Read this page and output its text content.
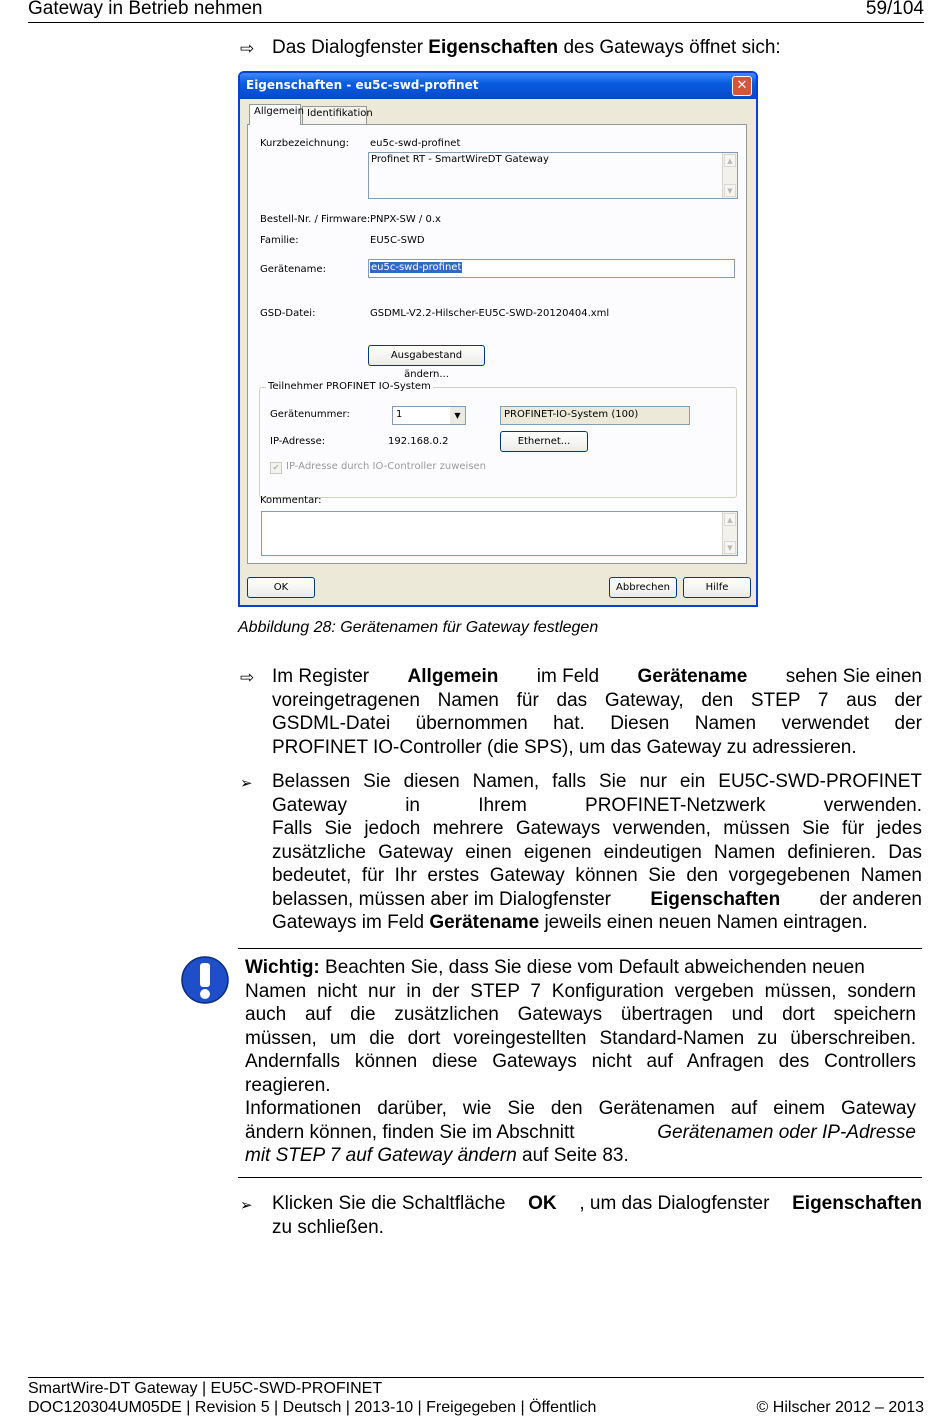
Gateway in Betrieb nehmen	59/104
⇨ Das Dialogfenster Eigenschaften des Gateways öffnet sich:
Eigenschaften - eu5c-swd-profinet	✕
Allgemein Identifikation
Kurzbezeichnung: eu5c-swd-profinet
Profinet RT - SmartWireDT Gateway	▲
▼
Bestell-Nr. / Firmware: PNPX-SW / 0.x
Familie:	EU5C-SWD
Gerätename:	eu5c-swd-profinet
GSD-Datei:	GSDML-V2.2-Hilscher-EU5C-SWD-20120404.xml
Ausgabestand ändern...
Teilnehmer PROFINET IO-System
Gerätenummer:	1	▼	PROFINET-IO-System (100)
IP-Adresse:	192.168.0.2	Ethernet...
✔ IP-Adresse durch IO-Controller zuweisen
Kommentar:
▲
▼
OK	Abbrechen	Hilfe
Abbildung 28: Gerätenamen für Gateway festlegen
⇨ Im Register Allgemein im Feld Gerätename sehen Sie einen
voreingetragenen Namen für das Gateway, den STEP 7 aus der
GSDML-Datei übernommen hat. Diesen Namen verwendet der
PROFINET IO-Controller (die SPS), um das Gateway zu adressieren.
➢ Belassen Sie diesen Namen, falls Sie nur ein EU5C-SWD-PROFINET
Gateway in Ihrem PROFINET-Netzwerk verwenden.
Falls Sie jedoch mehrere Gateways verwenden, müssen Sie für jedes
zusätzliche Gateway einen eigenen eindeutigen Namen definieren. Das
bedeutet, für Ihr erstes Gateway können Sie den vorgegebenen Namen
belassen, müssen aber im Dialogfenster Eigenschaften der anderen
Gateways im Feld Gerätename jeweils einen neuen Namen eintragen.
Wichtig: Beachten Sie, dass Sie diese vom Default abweichenden neuen
Namen nicht nur in der STEP 7 Konfiguration vergeben müssen, sondern
auch auf die zusätzlichen Gateways übertragen und dort speichern
müssen, um die dort voreingestellten Standard-Namen zu überschreiben.
Andernfalls können diese Gateways nicht auf Anfragen des Controllers
reagieren.
Informationen darüber, wie Sie den Gerätenamen auf einem Gateway
ändern können, finden Sie im Abschnitt	Gerätenamen oder IP-Adresse
mit STEP 7 auf Gateway ändern auf Seite 83.
➢ Klicken Sie die Schaltfläche OK , um das Dialogfenster Eigenschaften
zu schließen.
SmartWire-DT Gateway | EU5C-SWD-PROFINET
DOC120304UM05DE | Revision 5 | Deutsch | 2013-10 | Freigegeben | Öffentlich	© Hilscher 2012 – 2013
